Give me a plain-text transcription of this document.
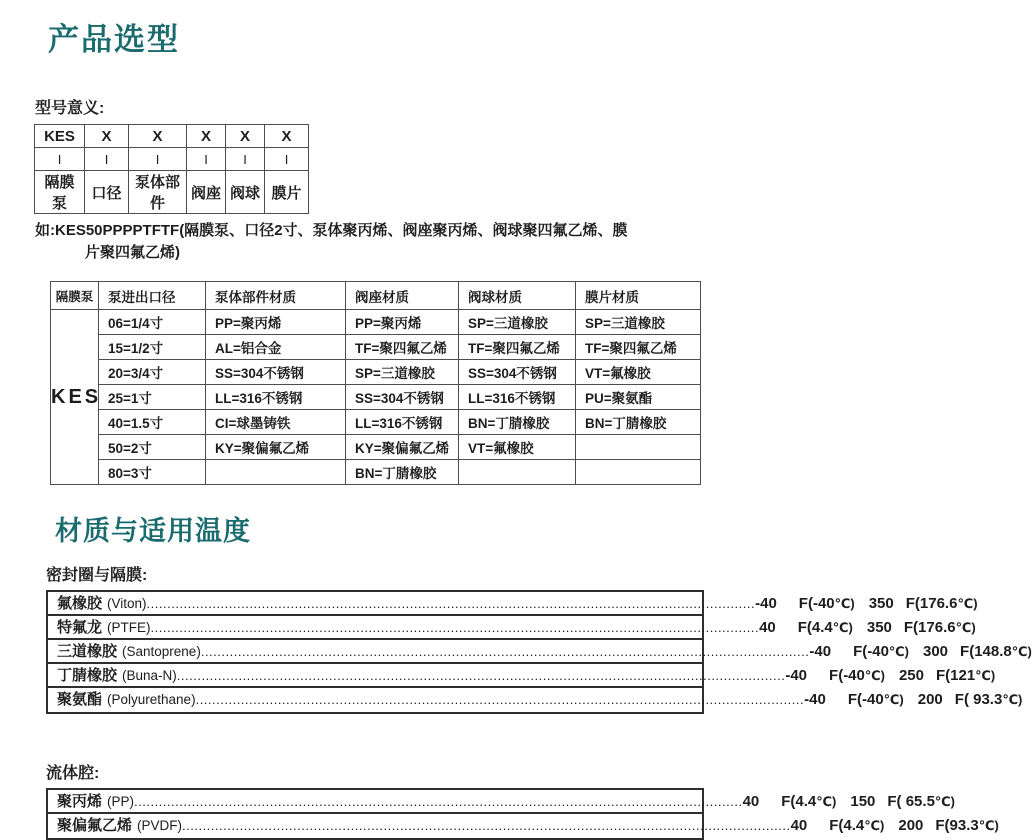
产品选型
型号意义:
KES	X	X	X	X	X
I	I	I	I	I	I
隔膜泵	口径	泵体部件	阀座	阀球	膜片
如:KES50PPPPTFTF(隔膜泵、口径2寸、泵体聚丙烯、阀座聚丙烯、阀球聚四氟乙烯、膜
片聚四氟乙烯)
隔膜泵	泵进出口径	泵体部件材质	阀座材质	阀球材质	膜片材质
KES	06=1/4寸	PP=聚丙烯	PP=聚丙烯	SP=三道橡胶	SP=三道橡胶
	15=1/2寸	AL=铝合金	TF=聚四氟乙烯	TF=聚四氟乙烯	TF=聚四氟乙烯
	20=3/4寸	SS=304不锈钢	SP=三道橡胶	SS=304不锈钢	VT=氟橡胶
	25=1寸	LL=316不锈钢	SS=304不锈钢	LL=316不锈钢	PU=聚氨酯
	40=1.5寸	CI=球墨铸铁	LL=316不锈钢	BN=丁腈橡胶	BN=丁腈橡胶
	50=2寸	KY=聚偏氟乙烯	KY=聚偏氟乙烯	VT=氟橡胶	
	80=3寸		BN=丁腈橡胶		
材质与适用温度
密封圈与隔膜:
氟橡胶 (Viton) .....	-40 F(-40 ℃) 350 F(176.6 ℃)
特氟龙 (PTFE) .....	40 F(4.4 ℃) 350 F(176.6 ℃)
三道橡胶 (Santoprene) .....	-40 F(-40 ℃) 300 F(148.8 ℃)
丁腈橡胶 (Buna-N) .....	-40 F(-40 ℃) 250 F(121 ℃)
聚氨酯 (Polyurethane) .....	-40 F(-40 ℃) 200 F( 93.3 ℃)
流体腔:
聚丙烯 (PP) .....	40 F(4.4 ℃) 150 F( 65.5 ℃)
聚偏氟乙烯 (PVDF) .....	40 F(4.4 ℃) 200 F(93.3 ℃)
